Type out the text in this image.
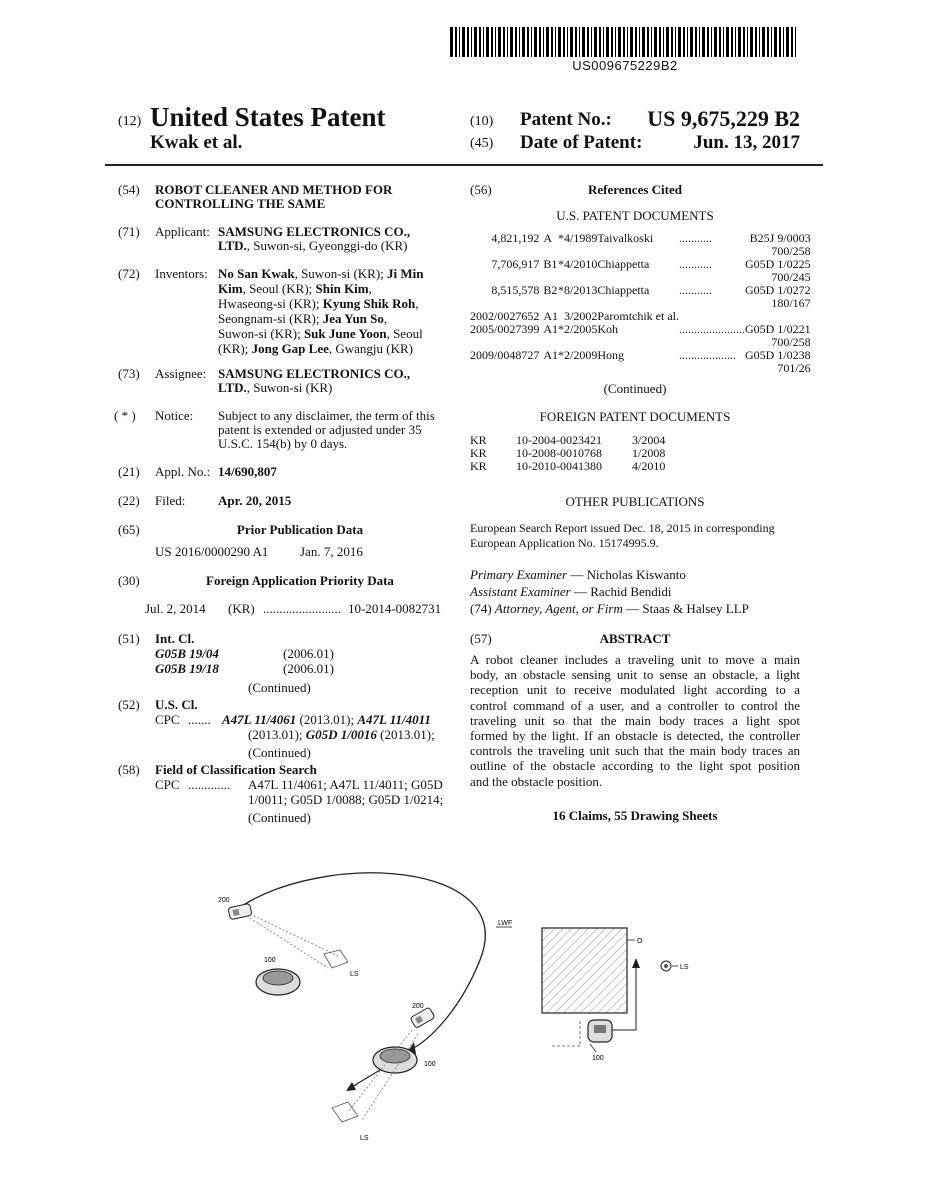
US009675229B2
(12) United States Patent
Kwak et al.
(10) Patent No.:	US 9,675,229 B2
(45) Date of Patent:	Jun. 13, 2017
(54) ROBOT CLEANER AND METHOD FOR
CONTROLLING THE SAME
(71) Applicant: SAMSUNG ELECTRONICS CO.,
LTD., Suwon-si, Gyeonggi-do (KR)
(72) Inventors: No San Kwak, Suwon-si (KR); Ji Min
Kim, Seoul (KR); Shin Kim,
Hwaseong-si (KR); Kyung Shik Roh,
Seongnam-si (KR); Jea Yun So,
Suwon-si (KR); Suk June Yoon, Seoul
(KR); Jong Gap Lee, Gwangju (KR)
(73) Assignee: SAMSUNG ELECTRONICS CO.,
LTD., Suwon-si (KR)
( * ) Notice: Subject to any disclaimer, the term of this
patent is extended or adjusted under 35
U.S.C. 154(b) by 0 days.
(21) Appl. No.: 14/690,807
(22) Filed:	Apr. 20, 2015
(65)	Prior Publication Data
US 2016/0000290 A1 Jan. 7, 2016
(30)	Foreign Application Priority Data
Jul. 2, 2014 (KR) ........................ 10-2014-0082731
(51) Int. Cl.
G05B 19/04	(2006.01)
G05B 19/18	(2006.01)
(Continued)
(52) U.S. Cl.
CPC ....... A47L 11/4061 (2013.01); A47L 11/4011
(2013.01); G05D 1/0016 (2013.01);
(Continued)
(58) Field of Classification Search
CPC ............. A47L 11/4061; A47L 11/4011; G05D
1/0011; G05D 1/0088; G05D 1/0214;
(Continued)
(56)	References Cited
U.S. PATENT DOCUMENTS
4,821,192	A	*	4/1989	Taivalkoski	...........	B25J 9/0003
700/258						
7,706,917	B1	*	4/2010	Chiappetta	...........	G05D 1/0225
700/245						
8,515,578	B2	*	8/2013	Chiappetta	...........	G05D 1/0272
180/167						
2002/0027652	A1		3/2002	Paromtchik et al.		
2005/0027399	A1	*	2/2005	Koh	......................	G05D 1/0221
700/258						
2009/0048727	A1	*	2/2009	Hong	...................	G05D 1/0238
701/26						
(Continued)
FOREIGN PATENT DOCUMENTS
KR	10-2004-0023421	3/2004
KR	10-2008-0010768	1/2008
KR	10-2010-0041380	4/2010
OTHER PUBLICATIONS
European Search Report issued Dec. 18, 2015 in corresponding
European Application No. 15174995.9.
Primary Examiner — Nicholas Kiswanto
Assistant Examiner — Rachid Bendidi
(74) Attorney, Agent, or Firm — Staas & Halsey LLP
(57)	ABSTRACT
A robot cleaner includes a traveling unit to move a main
body, an obstacle sensing unit to sense an obstacle, a light
reception unit to receive modulated light according to a
control command of a user, and a controller to control the
traveling unit so that the main body traces a light spot
formed by the light. If an obstacle is detected, the controller
controls the traveling unit such that the main body traces an
outline of the obstacle according to the light spot position
and the obstacle position.
16 Claims, 55 Drawing Sheets
200
LS
100
200
100
LS
LWF
O
100
LS
